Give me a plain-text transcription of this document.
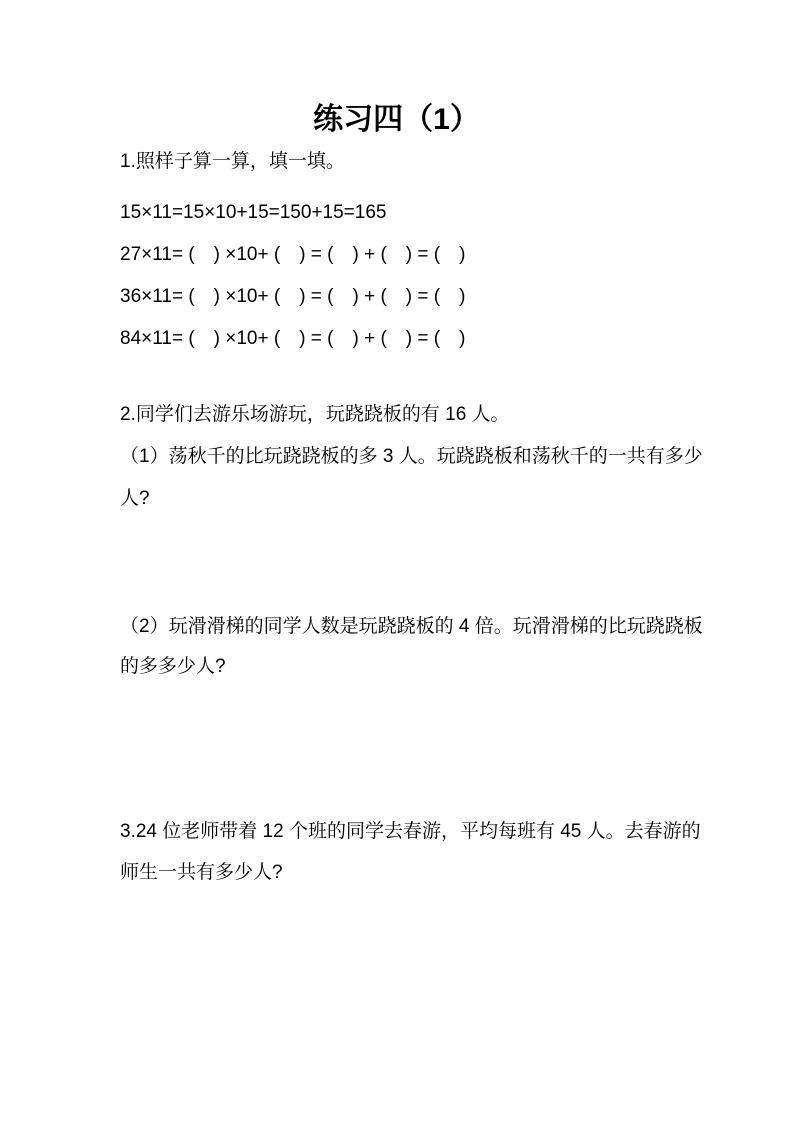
练习四（1）
1.照样子算一算，填一填。
15×11=15×10+15=150+15=165
27×11= (　) ×10+ (　) = (　) + (　) = (　)
36×11= (　) ×10+ (　) = (　) + (　) = (　)
84×11= (　) ×10+ (　) = (　) + (　) = (　)
2.同学们去游乐场游玩，玩跷跷板的有 16 人。
（1）荡秋千的比玩跷跷板的多 3 人。玩跷跷板和荡秋千的一共有多少
人?
（2）玩滑滑梯的同学人数是玩跷跷板的 4 倍。玩滑滑梯的比玩跷跷板
的多多少人?
3.24 位老师带着 12 个班的同学去春游，平均每班有 45 人。去春游的
师生一共有多少人?
